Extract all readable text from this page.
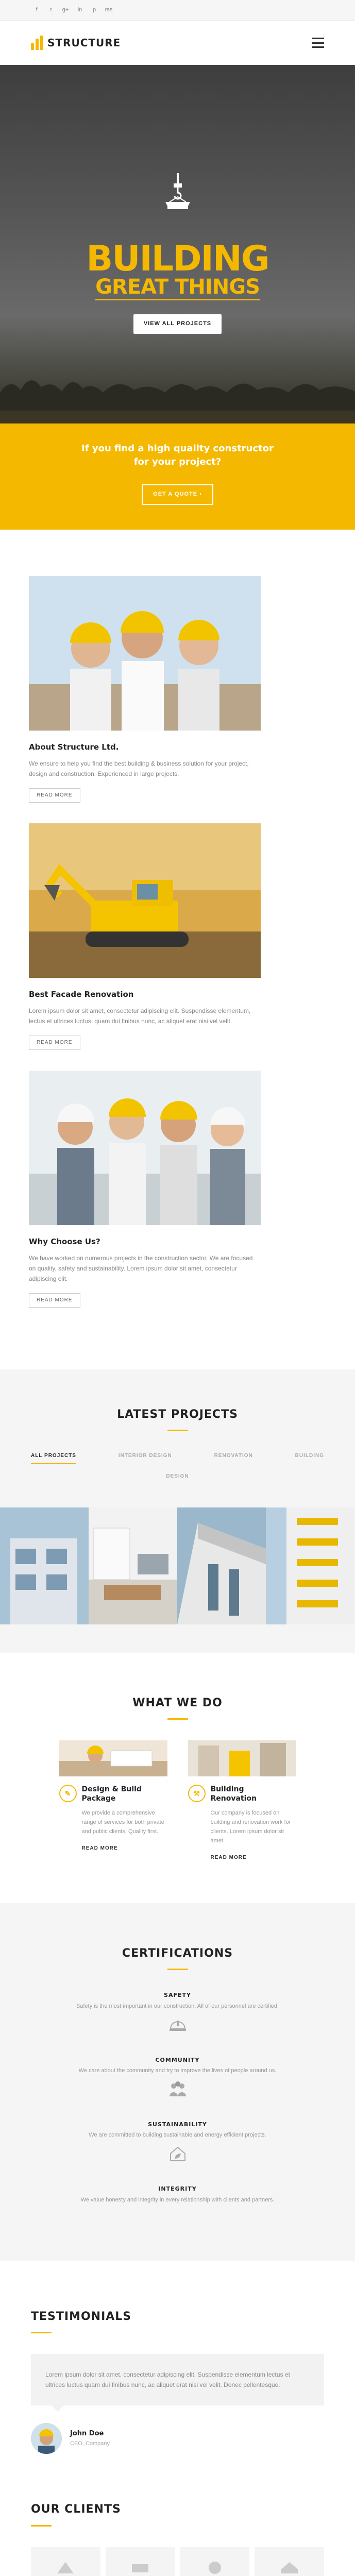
f	t	g+ in	p	rss
STRUCTURE
BUILDING
GREAT THINGS
VIEW ALL PROJECTS
If you find a high quality constructor
for your project?
GET A QUOTE ›
About Structure Ltd.
We ensure to help you find the best building & business solution for your project, design and construction. Experienced in large projects.
READ MORE
Best Facade Renovation
Lorem ipsum dolor sit amet, consectetur adipiscing elit. Suspendisse elementum, lectus et ultrices luctus, quam dui finibus nunc, ac aliquet erat nisi vel velit.
READ MORE
Why Choose Us?
We have worked on numerous projects in the construction sector. We are focused on quality, safety and sustainability. Lorem ipsum dolor sit amet, consectetur adipiscing elit.
READ MORE
LATEST PROJECTS
ALL PROJECTS	INTERIOR DESIGN	RENOVATION	BUILDING
DESIGN
WHAT WE DO
✎	Design & Build
Package
We provide a comprehensive range of services for both private and public clients. Quality first.
READ MORE
⚒	Building
Renovation
Our company is focused on building and renovation work for clients. Lorem ipsum dolor sit amet.
READ MORE
CERTIFICATIONS
SAFETY
Safety is the most important in our construction. All of our personnel are certified.
COMMUNITY
We care about the community and try to improve the lives of people around us.
SUSTAINABILITY
We are committed to building sustainable and energy efficient projects.
INTEGRITY
We value honesty and integrity in every relationship with clients and partners.
TESTIMONIALS
Lorem ipsum dolor sit amet, consectetur adipiscing elit. Suspendisse elementum lectus et ultrices luctus quam dui finibus nunc, ac aliquet erat nisi vel velit. Donec pellentesque.
John Doe
CEO, Company
OUR CLIENTS
